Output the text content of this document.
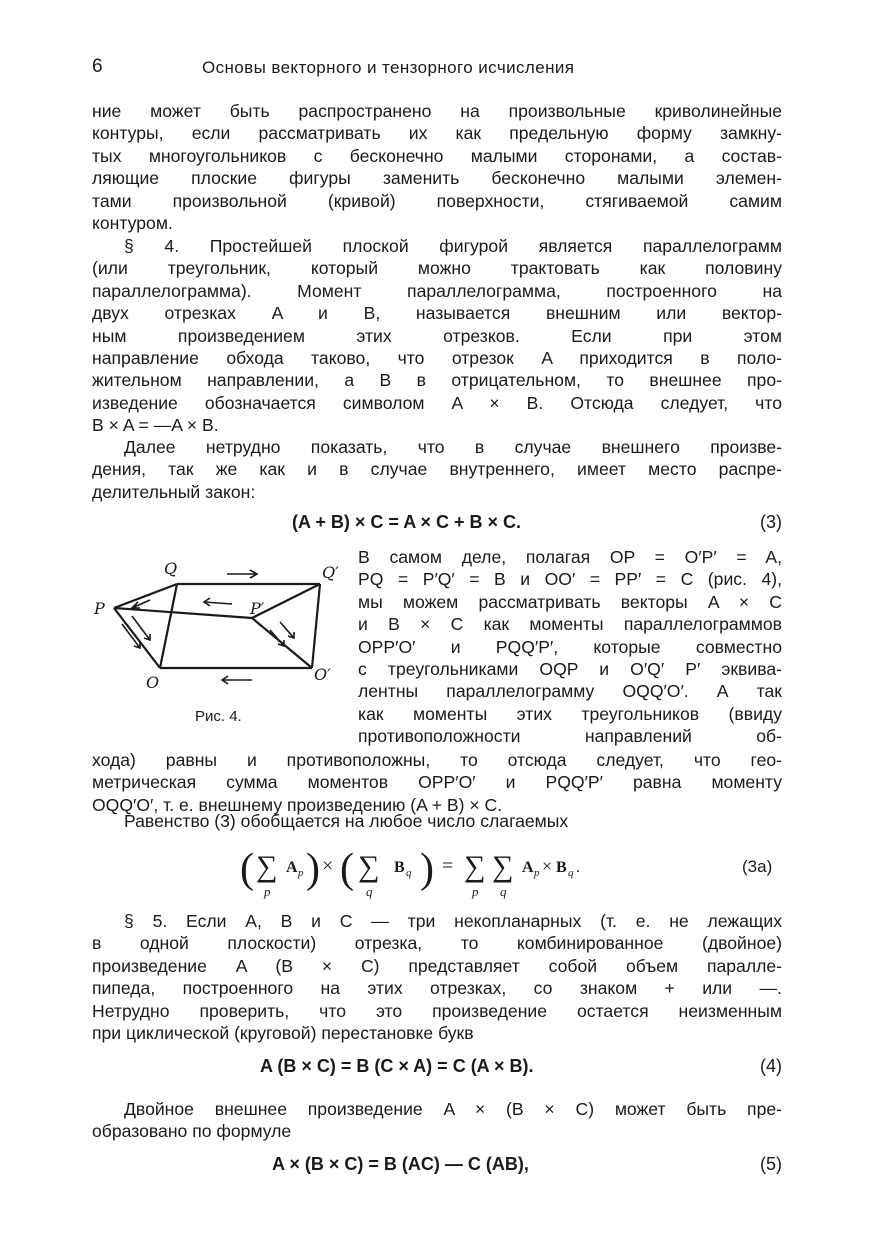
6	Основы векторного и тензорного исчисления
ние может быть распространено на произвольные криволинейные
контуры, если рассматривать их как предельную форму замкну-
тых многоугольников с бесконечно малыми сторонами, а состав-
ляющие плоские фигуры заменить бесконечно малыми элемен-
тами произвольной (кривой) поверхности, стягиваемой самим
контуром.
§ 4. Простейшей плоской фигурой является параллелограмм
(или треугольник, который можно трактовать как половину
параллелограмма). Момент параллелограмма, построенного на
двух отрезках A и B, называется внешним или вектор-
ным произведением этих отрезков. Если при этом
направление обхода таково, что отрезок A приходится в поло-
жительном направлении, а B в отрицательном, то внешнее про-
изведение обозначается символом A × B. Отсюда следует, что
B × A = —A × B.
Далее нетрудно показать, что в случае внешнего произве-
дения, так же как и в случае внутреннего, имеет место распре-
делительный закон:
(A + B) × C = A × C + B × C.	(3)
Q	Q′
P	P′
O	O′
Рис. 4.
В самом деле, полагая OP = O′P′ = A,
PQ = P′Q′ = B и OO′ = PP′ = C (рис. 4),
мы можем рассматривать векторы A × C
и B × C как моменты параллелограммов
OPP′O′ и PQQ′P′, которые совместно
с треугольниками OQP и O′Q′ P′ эквива-
лентны параллелограмму OQQ′O′. А так
как моменты этих треугольников (ввиду
противоположности направлений об-
хода) равны и противоположны, то отсюда следует, что гео-
метрическая сумма моментов OPP′O′ и PQQ′P′ равна моменту
OQQ′O′, т. е. внешнему произведению (A + B) × C.
Равенство (3) обобщается на любое число слагаемых
( ∑
p
A p ) × ( ∑
q
B q ) = ∑
p
∑
q
A p × B q .	(3a)
§ 5. Если A, B и C — три некопланарных (т. е. не лежащих
в одной плоскости) отрезка, то комбинированное (двойное)
произведение A (B × C) представляет собой объем паралле-
пипеда, построенного на этих отрезках, со знаком + или —.
Нетрудно проверить, что это произведение остается неизменным
при циклической (круговой) перестановке букв
A (B × C) = B (C × A) = C (A × B).	(4)
Двойное внешнее произведение A × (B × C) может быть пре-
образовано по формуле
A × (B × C) = B (AC) — C (AB),	(5)
